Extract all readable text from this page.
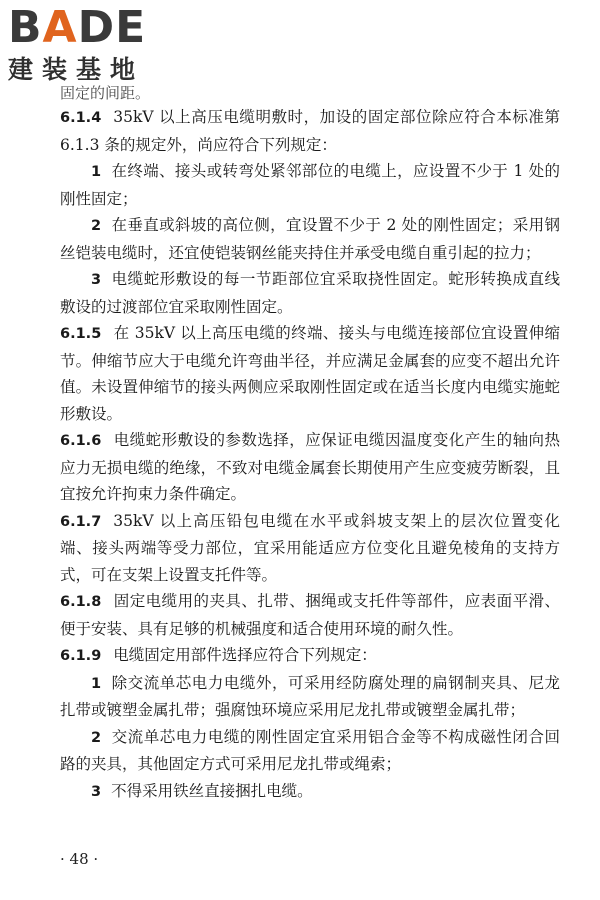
BADE
建装基地
固定的间距。

6.1.4 35kV 以上高压电缆明敷时，加设的固定部位除应符合本标准第 6.1.3 条的规定外，尚应符合下列规定：

1 在终端、接头或转弯处紧邻部位的电缆上，应设置不少于 1 处的刚性固定；

2 在垂直或斜坡的高位侧，宜设置不少于 2 处的刚性固定；采用钢丝铠装电缆时，还宜使铠装钢丝能夹持住并承受电缆自重引起的拉力；

3 电缆蛇形敷设的每一节距部位宜采取挠性固定。蛇形转换成直线敷设的过渡部位宜采取刚性固定。

6.1.5 在 35kV 以上高压电缆的终端、接头与电缆连接部位宜设置伸缩节。伸缩节应大于电缆允许弯曲半径，并应满足金属套的应变不超出允许值。未设置伸缩节的接头两侧应采取刚性固定或在适当长度内电缆实施蛇形敷设。

6.1.6 电缆蛇形敷设的参数选择，应保证电缆因温度变化产生的轴向热应力无损电缆的绝缘，不致对电缆金属套长期使用产生应变疲劳断裂，且宜按允许拘束力条件确定。

6.1.7 35kV 以上高压铅包电缆在水平或斜坡支架上的层次位置变化端、接头两端等受力部位，宜采用能适应方位变化且避免棱角的支持方式，可在支架上设置支托件等。

6.1.8 固定电缆用的夹具、扎带、捆绳或支托件等部件，应表面平滑、便于安装、具有足够的机械强度和适合使用环境的耐久性。

6.1.9 电缆固定用部件选择应符合下列规定：

1 除交流单芯电力电缆外，可采用经防腐处理的扁钢制夹具、尼龙扎带或镀塑金属扎带；强腐蚀环境应采用尼龙扎带或镀塑金属扎带；

2 交流单芯电力电缆的刚性固定宜采用铝合金等不构成磁性闭合回路的夹具，其他固定方式可采用尼龙扎带或绳索；

3 不得采用铁丝直接捆扎电缆。

· 48 ·
